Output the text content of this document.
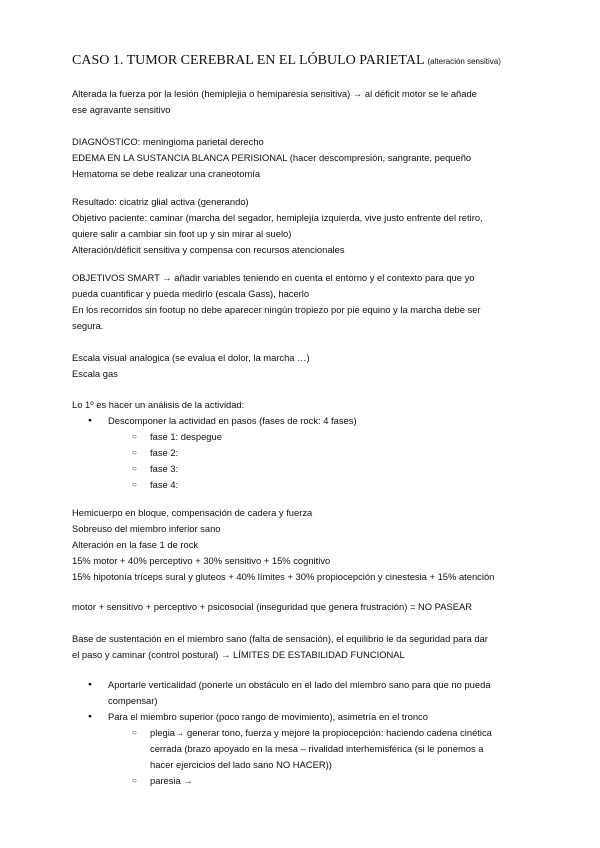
CASO 1. TUMOR CEREBRAL EN EL LÓBULO PARIETAL (alteración sensitiva)

Alterada la fuerza por la lesión (hemiplejia o hemiparesia sensitiva) → al déficit motor se le añade

ese agravante sensitivo

DIAGNÓSTICO: meningioma parietal derecho

EDEMA EN LA SUSTANCIA BLANCA PERISIONAL (hacer descompresión, sangrante, pequeño

Hematoma se debe realizar una craneotomía

Resultado: cicatriz glial activa (generando)

Objetivo paciente: caminar (marcha del segador, hemiplejía izquierda, vive justo enfrente del retiro,

quiere salir a cambiar sin foot up y sin mirar al suelo)

Alteración/déficit sensitiva y compensa con recursos atencionales

OBJETIVOS SMART → añadir variables teniendo en cuenta el entorno y el contexto para que yo

pueda cuantificar y pueda medirlo (escala Gass), hacerlo

En los recorridos sin footup no debe aparecer ningún tropiezo por pie equino y la marcha debe ser

segura.

Escala visual analogica (se evalua el dolor, la marcha …)

Escala gas

Lo 1º es hacer un análisis de la actividad:

● Descomponer la actividad en pasos (fases de rock: 4 fases)
○ fase 1: despegue
○ fase 2:
○ fase 3:
○ fase 4:

Hemicuerpo en bloque, compensación de cadera y fuerza

Sobreuso del miembro inferior sano

Alteración en la fase 1 de rock

15% motor + 40% perceptivo + 30% sensitivo + 15% cognitivo

15% hipotonía tríceps sural y gluteos + 40% límites + 30% propiocepción y cinestesia + 15% atención

motor + sensitivo + perceptivo + psicosocial (inseguridad que genera frustración) = NO PASEAR

Base de sustentación en el miembro sano (falta de sensación), el equilibrio le da seguridad para dar

el paso y caminar (control postural) → LÍMITES DE ESTABILIDAD FUNCIONAL

● Aportarle verticalidad (ponerle un obstáculo en el lado del miembro sano para que no pueda
compensar)
● Para el miembro superior (poco rango de movimiento), asimetría en el tronco
○ plegia→ generar tono, fuerza y mejore la propiocepción: haciendo cadena cinética
cerrada (brazo apoyado en la mesa – rivalidad interhemisférica (si le ponemos a
hacer ejercicios del lado sano NO HACER))
○ paresia →
